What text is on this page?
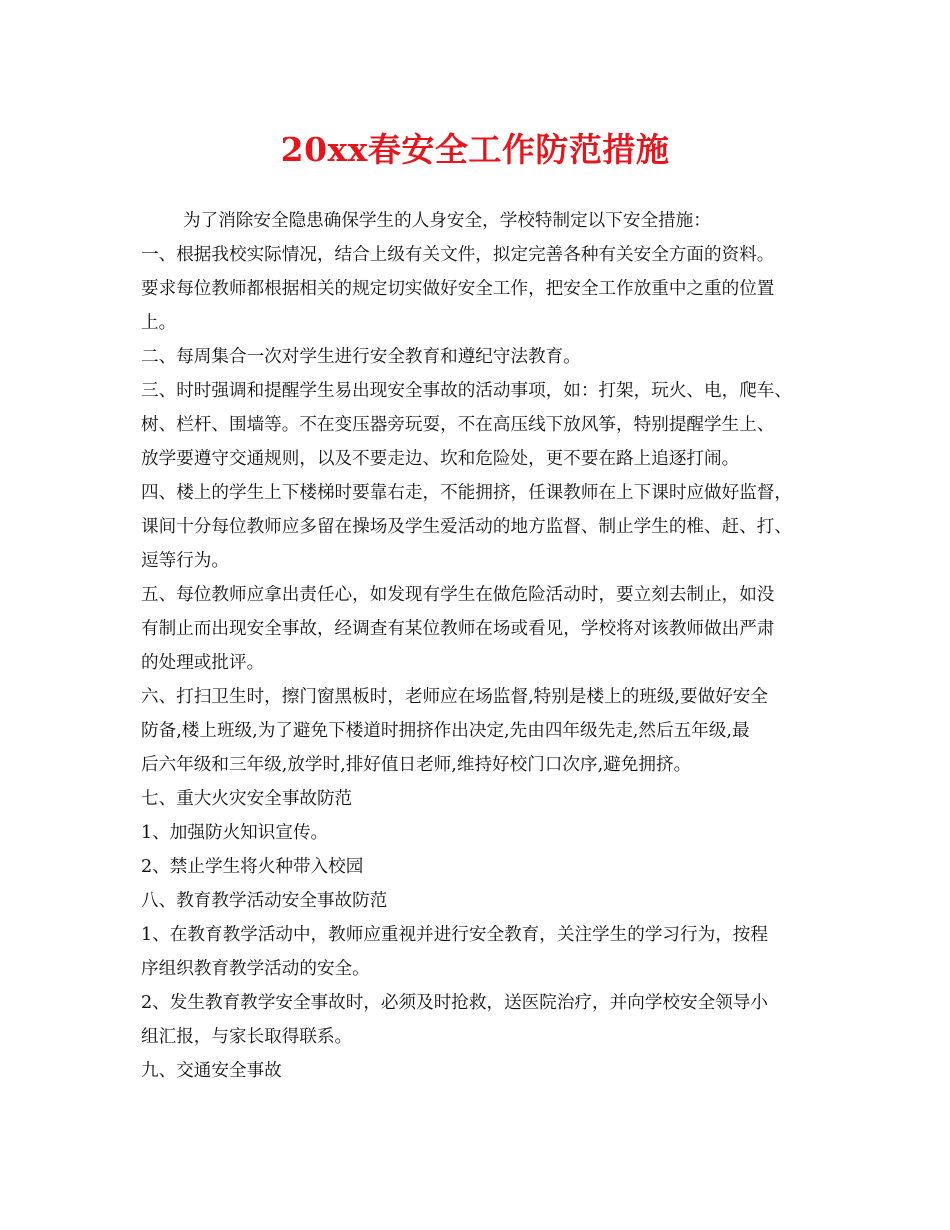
20xx春安全工作防范措施
为了消除安全隐患确保学生的人身安全，学校特制定以下安全措施：
一、根据我校实际情况，结合上级有关文件，拟定完善各种有关安全方面的资料。
要求每位教师都根据相关的规定切实做好安全工作，把安全工作放重中之重的位置
上。
二、每周集合一次对学生进行安全教育和遵纪守法教育。
三、时时强调和提醒学生易出现安全事故的活动事项，如：打架，玩火、电，爬车、
树、栏杆、围墙等。不在变压器旁玩耍，不在高压线下放风筝，特别提醒学生上、
放学要遵守交通规则，以及不要走边、坎和危险处，更不要在路上追逐打闹。
四、楼上的学生上下楼梯时要靠右走，不能拥挤，任课教师在上下课时应做好监督，
课间十分每位教师应多留在操场及学生爱活动的地方监督、制止学生的椎、赶、打、
逗等行为。
五、每位教师应拿出责任心，如发现有学生在做危险活动时，要立刻去制止，如没
有制止而出现安全事故，经调查有某位教师在场或看见，学校将对该教师做出严肃
的处理或批评。
六、打扫卫生时，擦门窗黑板时，老师应在场监督,特别是楼上的班级,要做好安全
防备,楼上班级,为了避免下楼道时拥挤作出决定,先由四年级先走,然后五年级,最
后六年级和三年级,放学时,排好值日老师,维持好校门口次序,避免拥挤。
七、重大火灾安全事故防范
1、加强防火知识宣传。
2、禁止学生将火种带入校园
八、教育教学活动安全事故防范
1、在教育教学活动中，教师应重视并进行安全教育，关注学生的学习行为，按程
序组织教育教学活动的安全。
2、发生教育教学安全事故时，必须及时抢救，送医院治疗，并向学校安全领导小
组汇报，与家长取得联系。
九、交通安全事故
